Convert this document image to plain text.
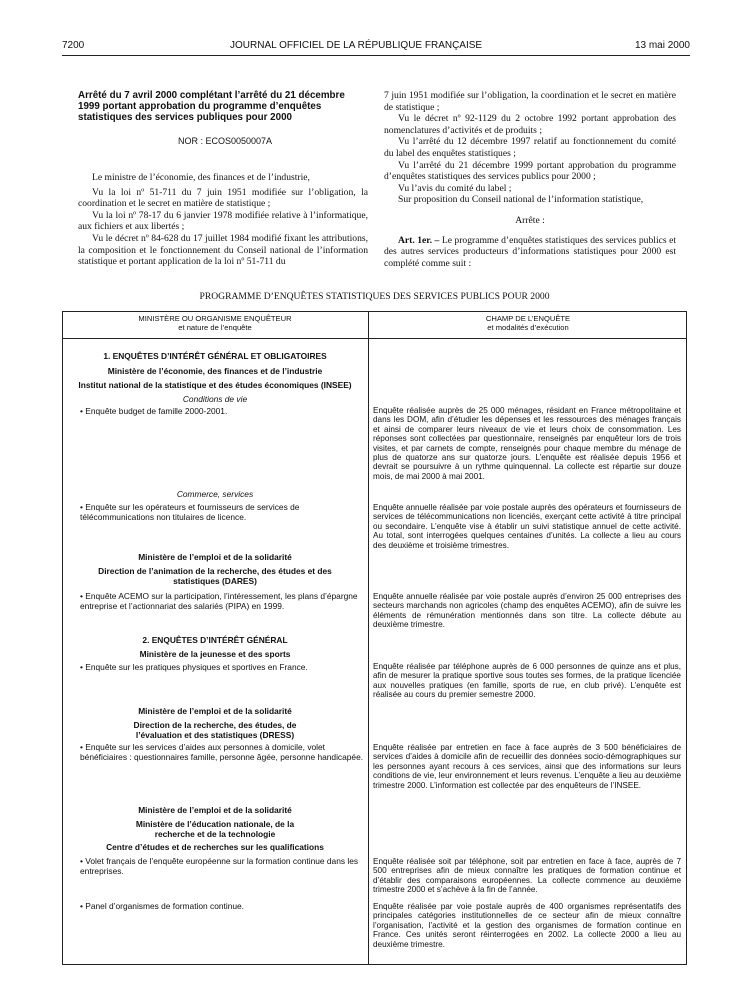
7200	JOURNAL OFFICIEL DE LA RÉPUBLIQUE FRANÇAISE	13 mai 2000
Arrêté du 7 avril 2000 complétant l’arrêté du 21 décembre 1999 portant approbation du programme d’enquêtes statistiques des services publiques pour 2000
NOR : ECOS0050007A

Le ministre de l’économie, des finances et de l’industrie,

Vu la loi nº 51-711 du 7 juin 1951 modifiée sur l’obligation, la coordination et le secret en matière de statistique ;

Vu la loi nº 78-17 du 6 janvier 1978 modifiée relative à l’informatique, aux fichiers et aux libertés ;

Vu le décret nº 84-628 du 17 juillet 1984 modifié fixant les attributions, la composition et le fonctionnement du Conseil national de l’information statistique et portant application de la loi nº 51-711 du

7 juin 1951 modifiée sur l’obligation, la coordination et le secret en matière de statistique ;

Vu le décret nº 92-1129 du 2 octobre 1992 portant approbation des nomenclatures d’activités et de produits ;

Vu l’arrêté du 12 décembre 1997 relatif au fonctionnement du comité du label des enquêtes statistiques ;

Vu l’arrêté du 21 décembre 1999 portant approbation du programme d’enquêtes statistiques des services publics pour 2000 ;

Vu l’avis du comité du label ;

Sur proposition du Conseil national de l’information statistique,

Arrête :

Art. 1er. – Le programme d’enquêtes statistiques des services publics et des autres services producteurs d’informations statistiques pour 2000 est complété comme suit :

PROGRAMME D’ENQUÊTES STATISTIQUES DES SERVICES PUBLICS POUR 2000
MINISTÈRE OU ORGANISME ENQUÊTEUR
et nature de l’enquête
CHAMP DE L’ENQUÊTE
et modalités d’exécution
1. ENQUÊTES D’INTÉRÊT GÉNÉRAL ET OBLIGATOIRES
Ministère de l’économie, des finances et de l’industrie
Institut national de la statistique et des études économiques (INSEE)
Conditions de vie
• Enquête budget de famille 2000-2001.
Commerce, services
• Enquête sur les opérateurs et fournisseurs de services de télécommunications non titulaires de licence.
Ministère de l’emploi et de la solidarité
Direction de l’animation de la recherche, des études et des statistiques (DARES)
• Enquête ACEMO sur la participation, l’intéressement, les plans d’épargne entreprise et l’actionnariat des salariés (PIPA) en 1999.
2. ENQUÊTES D’INTÉRÊT GÉNÉRAL
Ministère de la jeunesse et des sports
• Enquête sur les pratiques physiques et sportives en France.
Ministère de l’emploi et de la solidarité
Direction de la recherche, des études, de l’évaluation et des statistiques (DRESS)
• Enquête sur les services d’aides aux personnes à domicile, volet bénéficiaires : questionnaires famille, personne âgée, personne handicapée.
Ministère de l’emploi et de la solidarité
Ministère de l’éducation nationale, de la recherche et de la technologie
Centre d’études et de recherches sur les qualifications
• Volet français de l’enquête européenne sur la formation continue dans les entreprises.
• Panel d’organismes de formation continue.
Enquête réalisée auprès de 25 000 ménages, résidant en France métropolitaine et dans les DOM, afin d’étudier les dépenses et les ressources des ménages français et ainsi de comparer leurs niveaux de vie et leurs choix de consommation. Les réponses sont collectées par questionnaire, renseignés par enquêteur lors de trois visites, et par carnets de compte, renseignés pour chaque membre du ménage de plus de quatorze ans sur quatorze jours. L’enquête est réalisée depuis 1956 et devrait se poursuivre à un rythme quinquennal. La collecte est répartie sur douze mois, de mai 2000 à mai 2001.
Enquête annuelle réalisée par voie postale auprès des opérateurs et fournisseurs de services de télécommunications non licenciés, exerçant cette activité à titre principal ou secondaire. L’enquête vise à établir un suivi statistique annuel de cette activité. Au total, sont interrogées quelques centaines d’unités. La collecte a lieu au cours des deuxième et troisième trimestres.
Enquête annuelle réalisée par voie postale auprès d’environ 25 000 entreprises des secteurs marchands non agricoles (champ des enquêtes ACEMO), afin de suivre les éléments de rémunération mentionnés dans son titre. La collecte débute au deuxième trimestre.
Enquête réalisée par téléphone auprès de 6 000 personnes de quinze ans et plus, afin de mesurer la pratique sportive sous toutes ses formes, de la pratique licenciée aux nouvelles pratiques (en famille, sports de rue, en club privé). L’enquête est réalisée au cours du premier semestre 2000.
Enquête réalisée par entretien en face à face auprès de 3 500 bénéficiaires de services d’aides à domicile afin de recueillir des données socio-démographiques sur les personnes ayant recours à ces services, ainsi que des informations sur leurs conditions de vie, leur environnement et leurs revenus. L’enquête a lieu au deuxième trimestre 2000. L’information est collectée par des enquêteurs de l’INSEE.
Enquête réalisée soit par téléphone, soit par entretien en face à face, auprès de 7 500 entreprises afin de mieux connaître les pratiques de formation continue et d’établir des comparaisons européennes. La collecte commence au deuxième trimestre 2000 et s’achève à la fin de l’année.
Enquête réalisée par voie postale auprès de 400 organismes représentatifs des principales catégories institutionnelles de ce secteur afin de mieux connaître l’organisation, l’activité et la gestion des organismes de formation continue en France. Ces unités seront réinterrogées en 2002. La collecte 2000 a lieu au deuxième trimestre.
